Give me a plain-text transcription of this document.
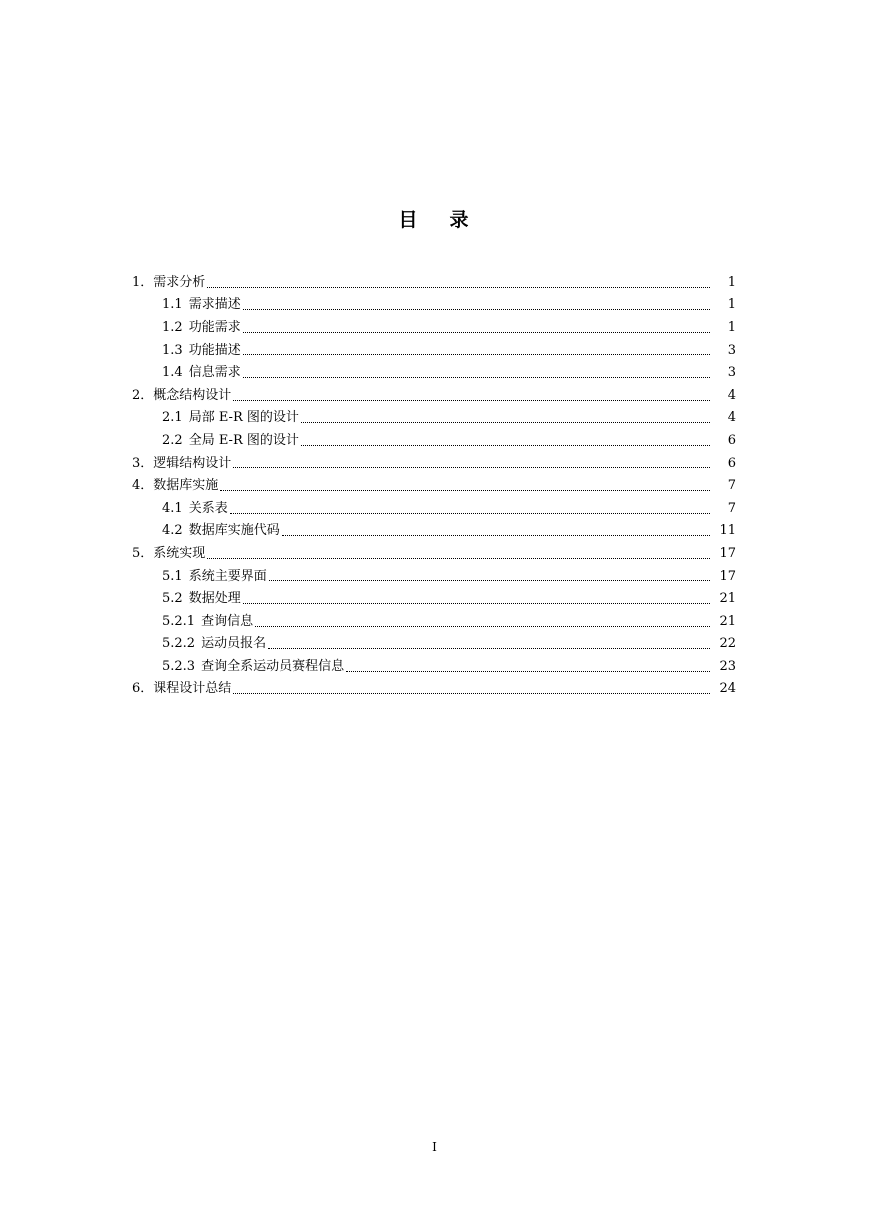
目 录
1． 需求分析	1
1.1 需求描述	1
1.2 功能需求	1
1.3 功能描述	3
1.4 信息需求	3
2． 概念结构设计	4
2.1 局部 E-R 图的设计	4
2.2 全局 E-R 图的设计	6
3． 逻辑结构设计	6
4． 数据库实施	7
4.1 关系表	7
4.2 数据库实施代码	11
5． 系统实现	17
5.1 系统主要界面	17
5.2 数据处理	21
5.2.1 查询信息	21
5.2.2 运动员报名	22
5.2.3 查询全系运动员赛程信息	23
6． 课程设计总结	24
I
